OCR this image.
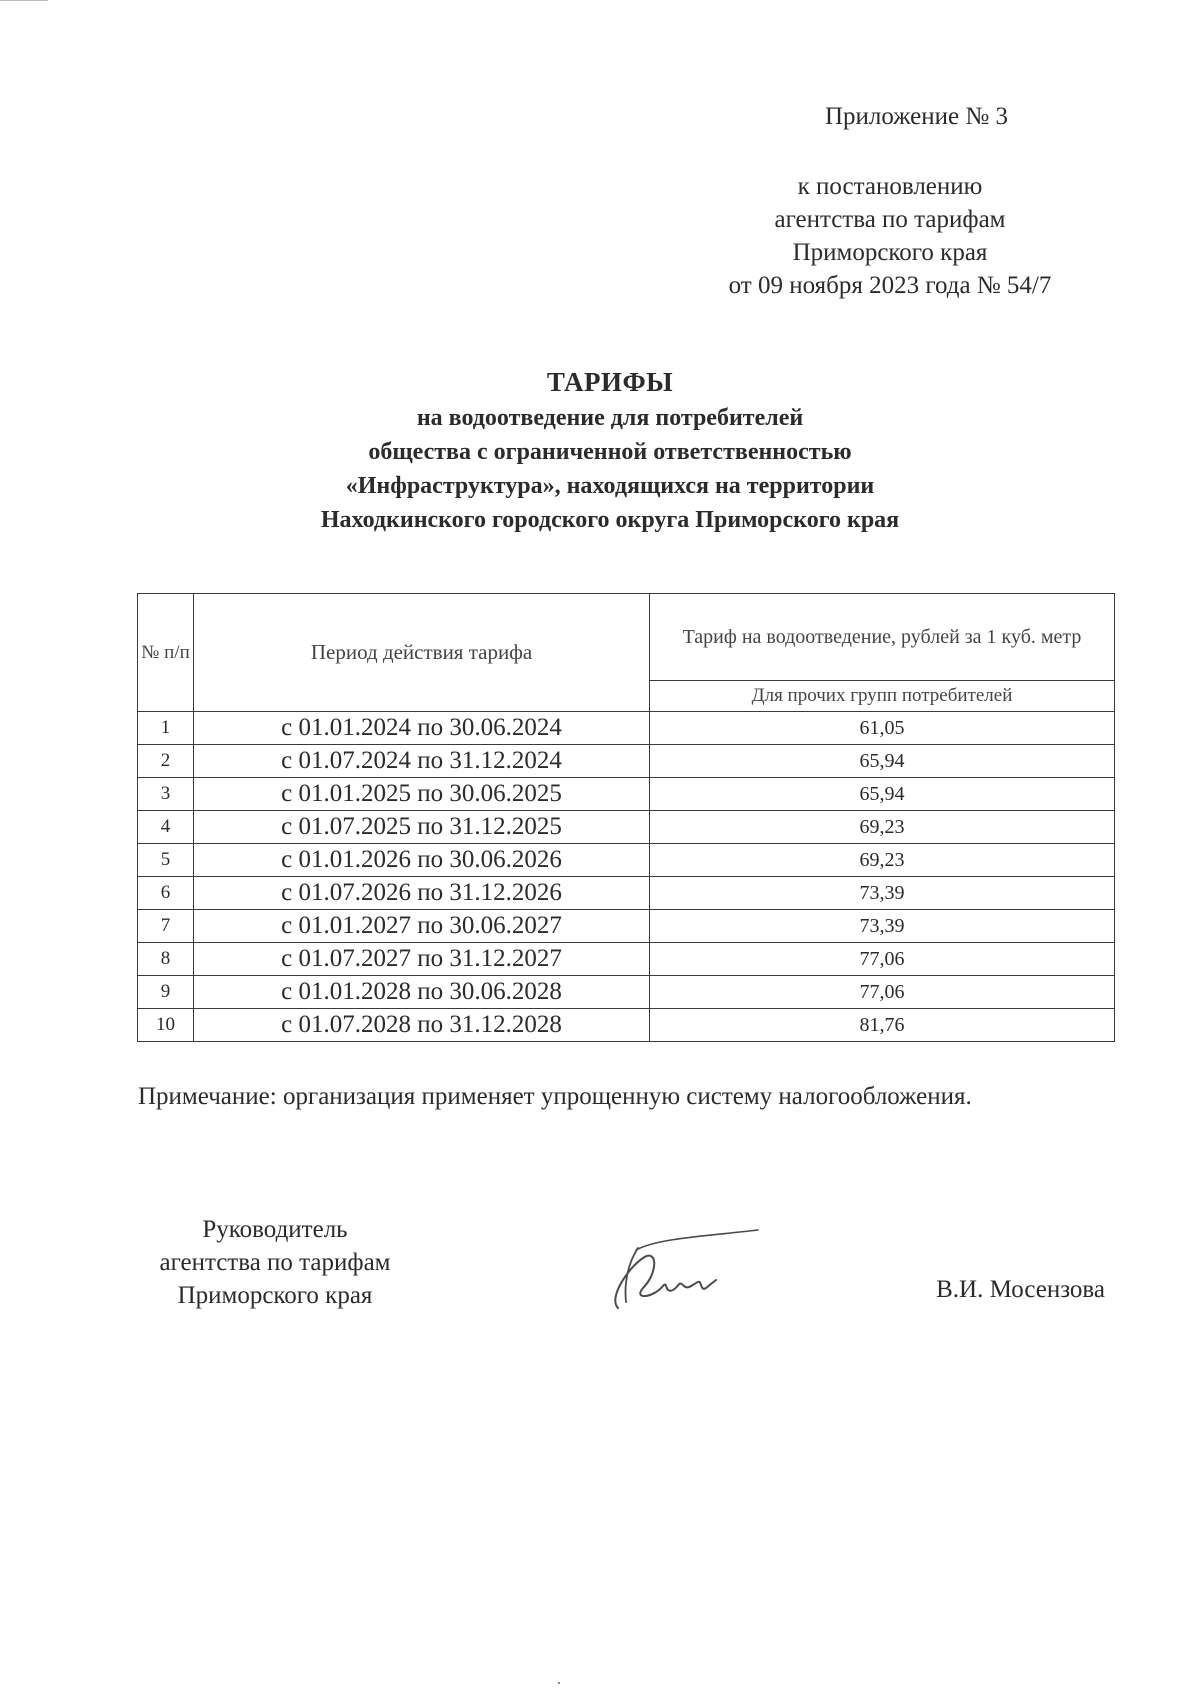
Приложение № 3
к постановлению
агентства по тарифам
Приморского края
от 09 ноября 2023 года № 54/7
ТАРИФЫ
на водоотведение для потребителей
общества с ограниченной ответственностью
«Инфраструктура», находящихся на территории
Находкинского городского округа Приморского края
№ п/п	Период действия тарифа	Тариф на водоотведение, рублей за 1 куб. метр
		Для прочих групп потребителей
1	с 01.01.2024 по 30.06.2024	61,05
2	с 01.07.2024 по 31.12.2024	65,94
3	с 01.01.2025 по 30.06.2025	65,94
4	с 01.07.2025 по 31.12.2025	69,23
5	с 01.01.2026 по 30.06.2026	69,23
6	с 01.07.2026 по 31.12.2026	73,39
7	с 01.01.2027 по 30.06.2027	73,39
8	с 01.07.2027 по 31.12.2027	77,06
9	с 01.01.2028 по 30.06.2028	77,06
10	с 01.07.2028 по 31.12.2028	81,76
Примечание: организация применяет упрощенную систему налогообложения.
Руководитель
агентства по тарифам
Приморского края	В.И. Мосензова
